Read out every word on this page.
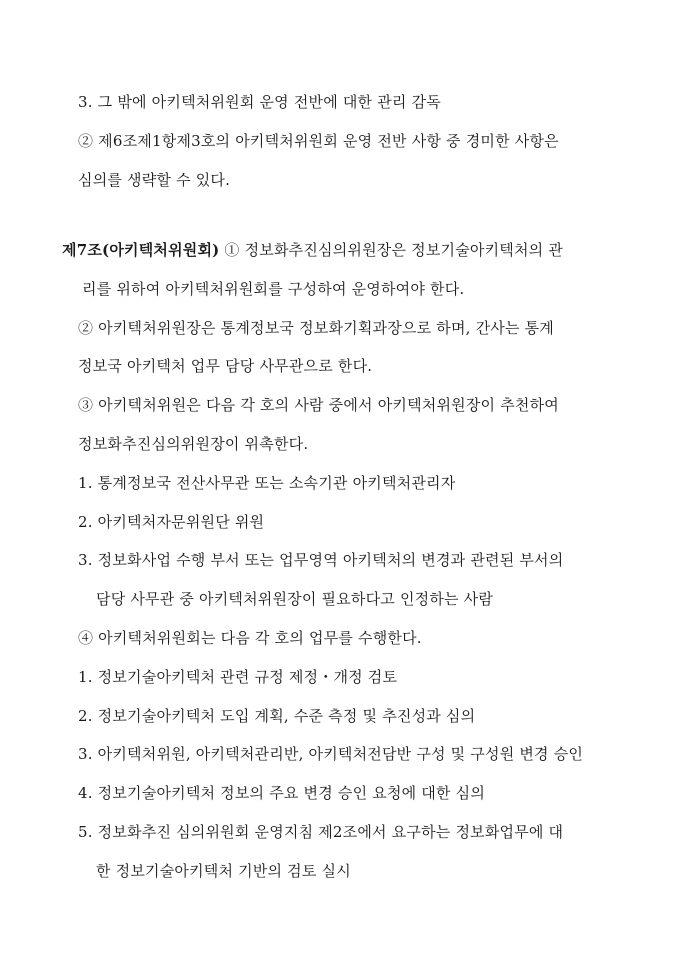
3. 그 밖에 아키텍처위원회 운영 전반에 대한 관리 감독
② 제6조제1항제3호의 아키텍처위원회 운영 전반 사항 중 경미한 사항은
심의를 생략할 수 있다.
제7조(아키텍처위원회) ① 정보화추진심의위원장은 정보기술아키텍처의 관
리를 위하여 아키텍처위원회를 구성하여 운영하여야 한다.
② 아키텍처위원장은 통계정보국 정보화기획과장으로 하며, 간사는 통계
정보국 아키텍처 업무 담당 사무관으로 한다.
③ 아키텍처위원은 다음 각 호의 사람 중에서 아키텍처위원장이 추천하여
정보화추진심의위원장이 위촉한다.
1. 통계정보국 전산사무관 또는 소속기관 아키텍처관리자
2. 아키텍처자문위원단 위원
3. 정보화사업 수행 부서 또는 업무영역 아키텍처의 변경과 관련된 부서의
담당 사무관 중 아키텍처위원장이 필요하다고 인정하는 사람
④ 아키텍처위원회는 다음 각 호의 업무를 수행한다.
1. 정보기술아키텍처 관련 규정 제정・개정 검토
2. 정보기술아키텍처 도입 계획, 수준 측정 및 추진성과 심의
3. 아키텍처위원, 아키텍처관리반, 아키텍처전담반 구성 및 구성원 변경 승인
4. 정보기술아키텍처 정보의 주요 변경 승인 요청에 대한 심의
5. 정보화추진 심의위원회 운영지침 제2조에서 요구하는 정보화업무에 대
한 정보기술아키텍처 기반의 검토 실시
